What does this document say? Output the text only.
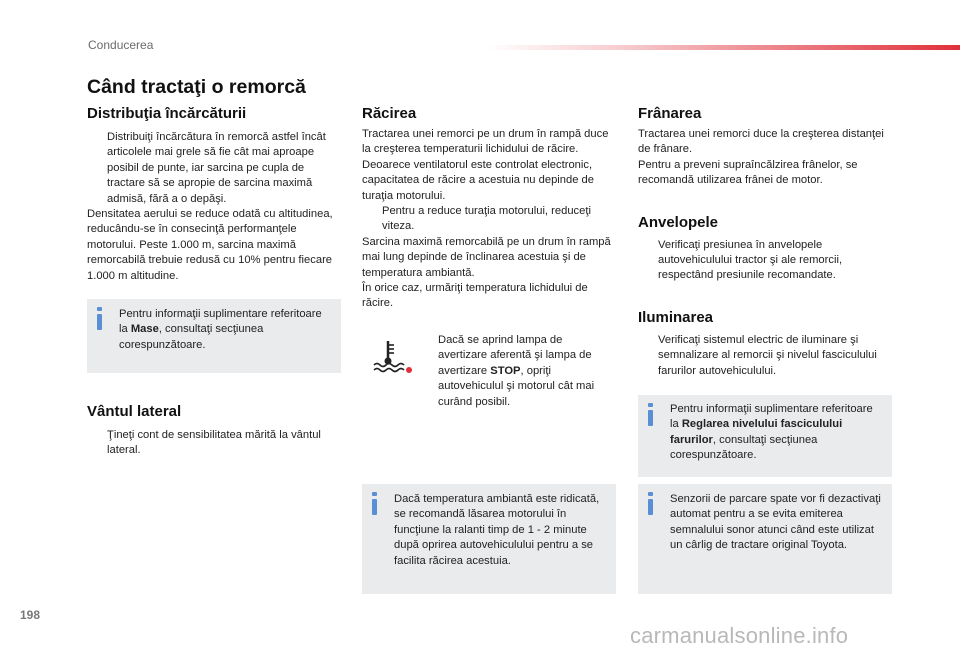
Conducerea
Când tractaţi o remorcă
Distribuţia încărcăturii

Distribuiţi încărcătura în remorcă astfel încât articolele mai grele să fie cât mai aproape posibil de punte, iar sarcina pe cupla de tractare să se apropie de sarcina maximă admisă, fără a o depăşi.

Densitatea aerului se reduce odată cu altitudinea, reducându-se în consecinţă performanţele motorului. Peste 1.000 m, sarcina maximă remorcabilă trebuie redusă cu 10% pentru fiecare 1.000 m altitudine.

Pentru informaţii suplimentare referitoare la Mase, consultaţi secţiunea corespunzătoare.

Vântul lateral

Ţineţi cont de sensibilitatea mărită la vântul lateral.

Răcirea

Tractarea unei remorci pe un drum în rampă duce la creşterea temperaturii lichidului de răcire.

Deoarece ventilatorul este controlat electronic, capacitatea de răcire a acestuia nu depinde de turaţia motorului.

Pentru a reduce turaţia motorului, reduceţi viteza.

Sarcina maximă remorcabilă pe un drum în rampă mai lung depinde de înclinarea acestuia şi de temperatura ambiantă.

În orice caz, urmăriţi temperatura lichidului de răcire.

Dacă se aprind lampa de avertizare aferentă şi lampa de avertizare STOP, opriţi autovehiculul şi motorul cât mai curând posibil.

Dacă temperatura ambiantă este ridicată, se recomandă lăsarea motorului în funcţiune la ralanti timp de 1 - 2 minute după oprirea autovehiculului pentru a se facilita răcirea acestuia.

Frânarea

Tractarea unei remorci duce la creşterea distanţei de frânare.

Pentru a preveni supraîncălzirea frânelor, se recomandă utilizarea frânei de motor.

Anvelopele

Verificaţi presiunea în anvelopele autovehiculului tractor şi ale remorcii, respectând presiunile recomandate.

Iluminarea

Verificaţi sistemul electric de iluminare şi semnalizare al remorcii şi nivelul fasciculului farurilor autovehiculului.

Pentru informaţii suplimentare referitoare la Reglarea nivelului fasciculului farurilor, consultaţi secţiunea corespunzătoare.

Senzorii de parcare spate vor fi dezactivaţi automat pentru a se evita emiterea semnalului sonor atunci când este utilizat un cârlig de tractare original Toyota.

198
carmanualsonline.info
